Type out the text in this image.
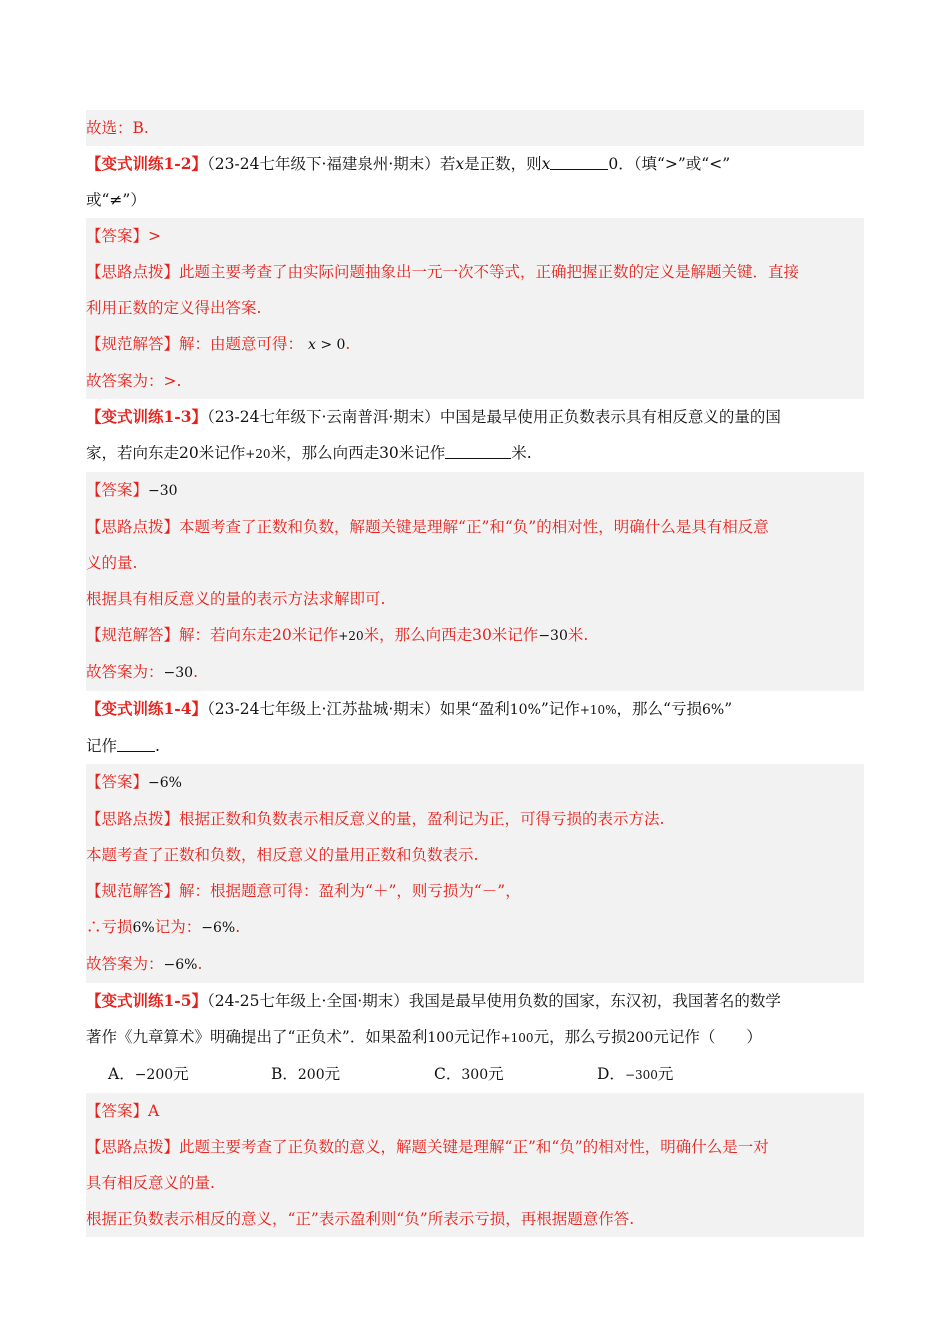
故选：B.
【变式训练1-2】（23-24七年级下·福建泉州·期末）若x是正数，则x	0．（填“>”或“<”
或“≠”）
【答案】>
【思路点拨】此题主要考查了由实际问题抽象出一元一次不等式，正确把握正数的定义是解题关键．直接
利用正数的定义得出答案.
【规范解答】解：由题意可得： x > 0.
故答案为：>.
【变式训练1-3】（23-24七年级下·云南普洱·期末）中国是最早使用正负数表示具有相反意义的量的国
家，若向东走20米记作+20米，那么向西走30米记作	米.
【答案】−30
【思路点拨】本题考查了正数和负数，解题关键是理解“正”和“负”的相对性，明确什么是具有相反意
义的量.
根据具有相反意义的量的表示方法求解即可.
【规范解答】解：若向东走20米记作+20米，那么向西走30米记作−30米.
故答案为：−30.
【变式训练1-4】（23-24七年级上·江苏盐城·期末）如果“盈利10%”记作+10%，那么“亏损6%”
记作 .
【答案】−6%
【思路点拨】根据正数和负数表示相反意义的量，盈利记为正，可得亏损的表示方法.
本题考查了正数和负数，相反意义的量用正数和负数表示.
【规范解答】解：根据题意可得：盈利为“＋”，则亏损为“－”，
∴亏损6%记为：−6%.
故答案为：−6%.
【变式训练1-5】（24-25七年级上·全国·期末）我国是最早使用负数的国家，东汉初，我国著名的数学
著作《九章算术》明确提出了“正负术”．如果盈利100元记作+100元，那么亏损200元记作（　　）
A．−200元	B．200元	C．300元	D．−300元
【答案】A
【思路点拨】此题主要考查了正负数的意义，解题关键是理解“正”和“负”的相对性，明确什么是一对
具有相反意义的量.
根据正负数表示相反的意义，“正”表示盈利则“负”所表示亏损，再根据题意作答.
